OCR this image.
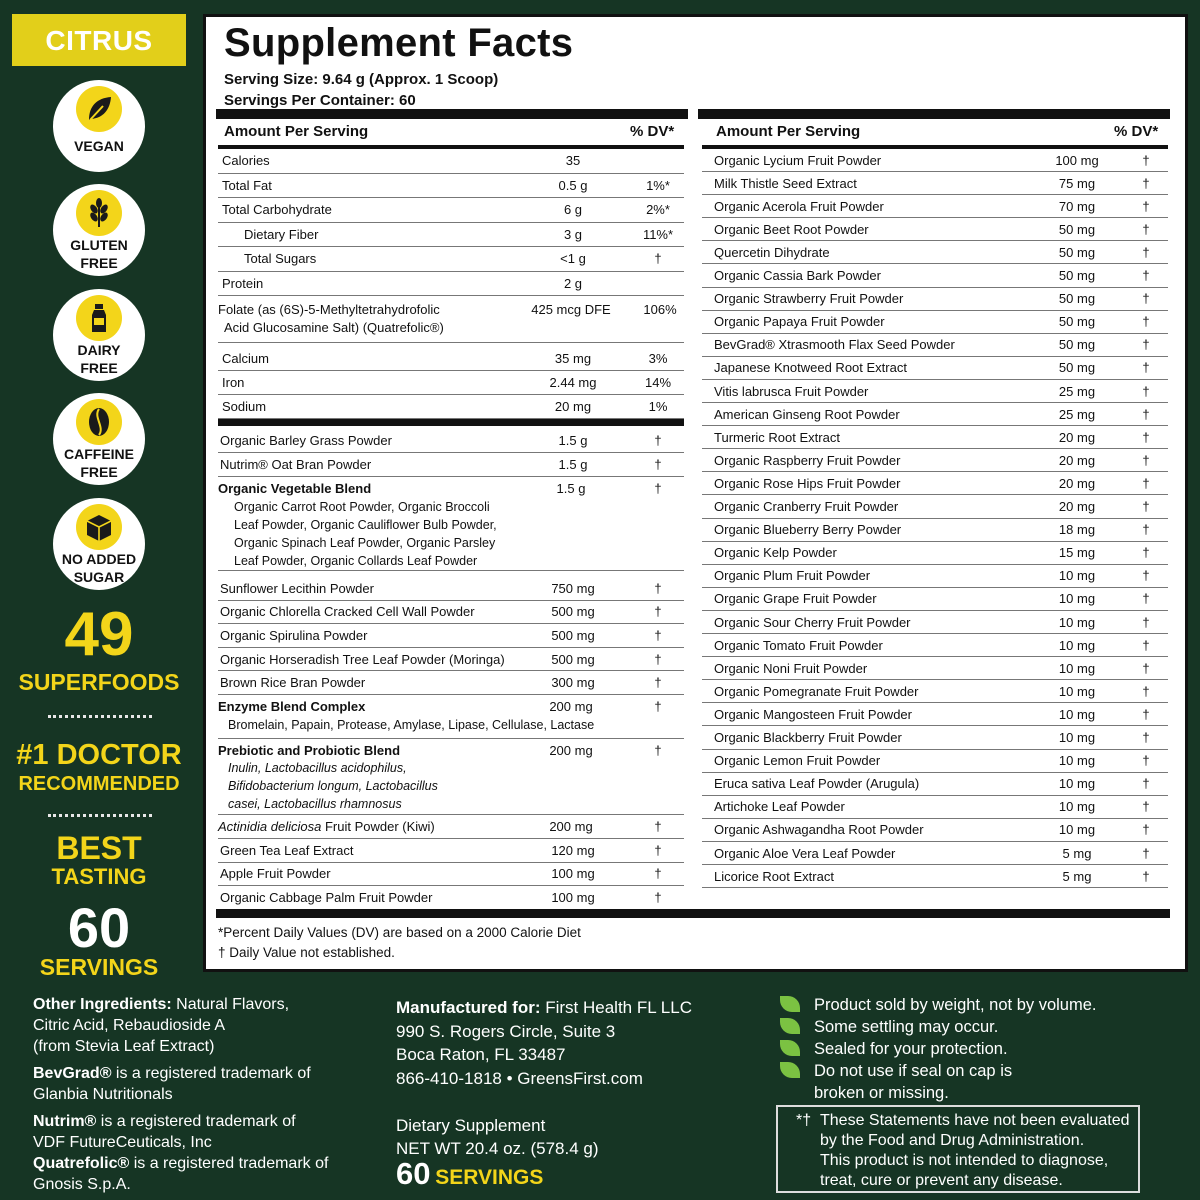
CITRUS
VEGAN
GLUTEN
FREE
DAIRY
FREE
CAFFEINE
FREE
NO ADDED
SUGAR
49
SUPERFOODS
#1 DOCTOR
RECOMMENDED
BEST
TASTING
60
SERVINGS
Supplement Facts
Serving Size: 9.64 g (Approx. 1 Scoop)
Servings Per Container: 60
Amount Per Serving	% DV*
Calories	35
Total Fat	0.5 g	1%*
Total Carbohydrate	6 g	2%*
Dietary Fiber	3 g	11%*
Total Sugars	<1 g	†
Protein	2 g
Folate (as (6S)-5-Methyltetrahydrofolic
Acid Glucosamine Salt) (Quatrefolic®)
425 mcg DFE	106%
Calcium	35 mg	3%
Iron	2.44 mg	14%
Sodium	20 mg	1%
Organic Barley Grass Powder	1.5 g	†
Nutrim® Oat Bran Powder	1.5 g	†
Organic Vegetable Blend	1.5 g	†
Organic Carrot Root Powder, Organic Broccoli
Leaf Powder, Organic Cauliflower Bulb Powder,
Organic Spinach Leaf Powder, Organic Parsley
Leaf Powder, Organic Collards Leaf Powder
Sunflower Lecithin Powder	750 mg	†
Organic Chlorella Cracked Cell Wall Powder	500 mg	†
Organic Spirulina Powder	500 mg	†
Organic Horseradish Tree Leaf Powder (Moringa)	500 mg	†
Brown Rice Bran Powder	300 mg	†
Enzyme Blend Complex	200 mg	†
Bromelain, Papain, Protease, Amylase, Lipase, Cellulase, Lactase
Prebiotic and Probiotic Blend	200 mg	†
Inulin, Lactobacillus acidophilus,
Bifidobacterium longum, Lactobacillus
casei, Lactobacillus rhamnosus
Actinidia deliciosa Fruit Powder (Kiwi)	200 mg	†
Green Tea Leaf Extract	120 mg	†
Apple Fruit Powder	100 mg	†
Organic Cabbage Palm Fruit Powder	100 mg	†
Amount Per Serving	% DV*
Organic Lycium Fruit Powder	100 mg	†
Milk Thistle Seed Extract	75 mg	†
Organic Acerola Fruit Powder	70 mg	†
Organic Beet Root Powder	50 mg	†
Quercetin Dihydrate	50 mg	†
Organic Cassia Bark Powder	50 mg	†
Organic Strawberry Fruit Powder	50 mg	†
Organic Papaya Fruit Powder	50 mg	†
BevGrad® Xtrasmooth Flax Seed Powder	50 mg	†
Japanese Knotweed Root Extract	50 mg	†
Vitis labrusca Fruit Powder	25 mg	†
American Ginseng Root Powder	25 mg	†
Turmeric Root Extract	20 mg	†
Organic Raspberry Fruit Powder	20 mg	†
Organic Rose Hips Fruit Powder	20 mg	†
Organic Cranberry Fruit Powder	20 mg	†
Organic Blueberry Berry Powder	18 mg	†
Organic Kelp Powder	15 mg	†
Organic Plum Fruit Powder	10 mg	†
Organic Grape Fruit Powder	10 mg	†
Organic Sour Cherry Fruit Powder	10 mg	†
Organic Tomato Fruit Powder	10 mg	†
Organic Noni Fruit Powder	10 mg	†
Organic Pomegranate Fruit Powder	10 mg	†
Organic Mangosteen Fruit Powder	10 mg	†
Organic Blackberry Fruit Powder	10 mg	†
Organic Lemon Fruit Powder	10 mg	†
Eruca sativa Leaf Powder (Arugula)	10 mg	†
Artichoke Leaf Powder	10 mg	†
Organic Ashwagandha Root Powder	10 mg	†
Organic Aloe Vera Leaf Powder	5 mg	†
Licorice Root Extract	5 mg	†
*Percent Daily Values (DV) are based on a 2000 Calorie Diet
† Daily Value not established.
Other Ingredients: Natural Flavors,
Citric Acid, Rebaudioside A
(from Stevia Leaf Extract)
BevGrad® is a registered trademark of
Glanbia Nutritionals
Nutrim® is a registered trademark of
VDF FutureCeuticals, Inc
Quatrefolic® is a registered trademark of
Gnosis S.p.A.
Manufactured for: First Health FL LLC
990 S. Rogers Circle, Suite 3
Boca Raton, FL 33487
866-410-1818 • GreensFirst.com
Dietary Supplement
NET WT 20.4 oz. (578.4 g)
60 SERVINGS
Product sold by weight, not by volume.
Some settling may occur.
Sealed for your protection.
Do not use if seal on cap is
broken or missing.
*† These Statements have not been evaluated
by the Food and Drug Administration.
This product is not intended to diagnose,
treat, cure or prevent any disease.
